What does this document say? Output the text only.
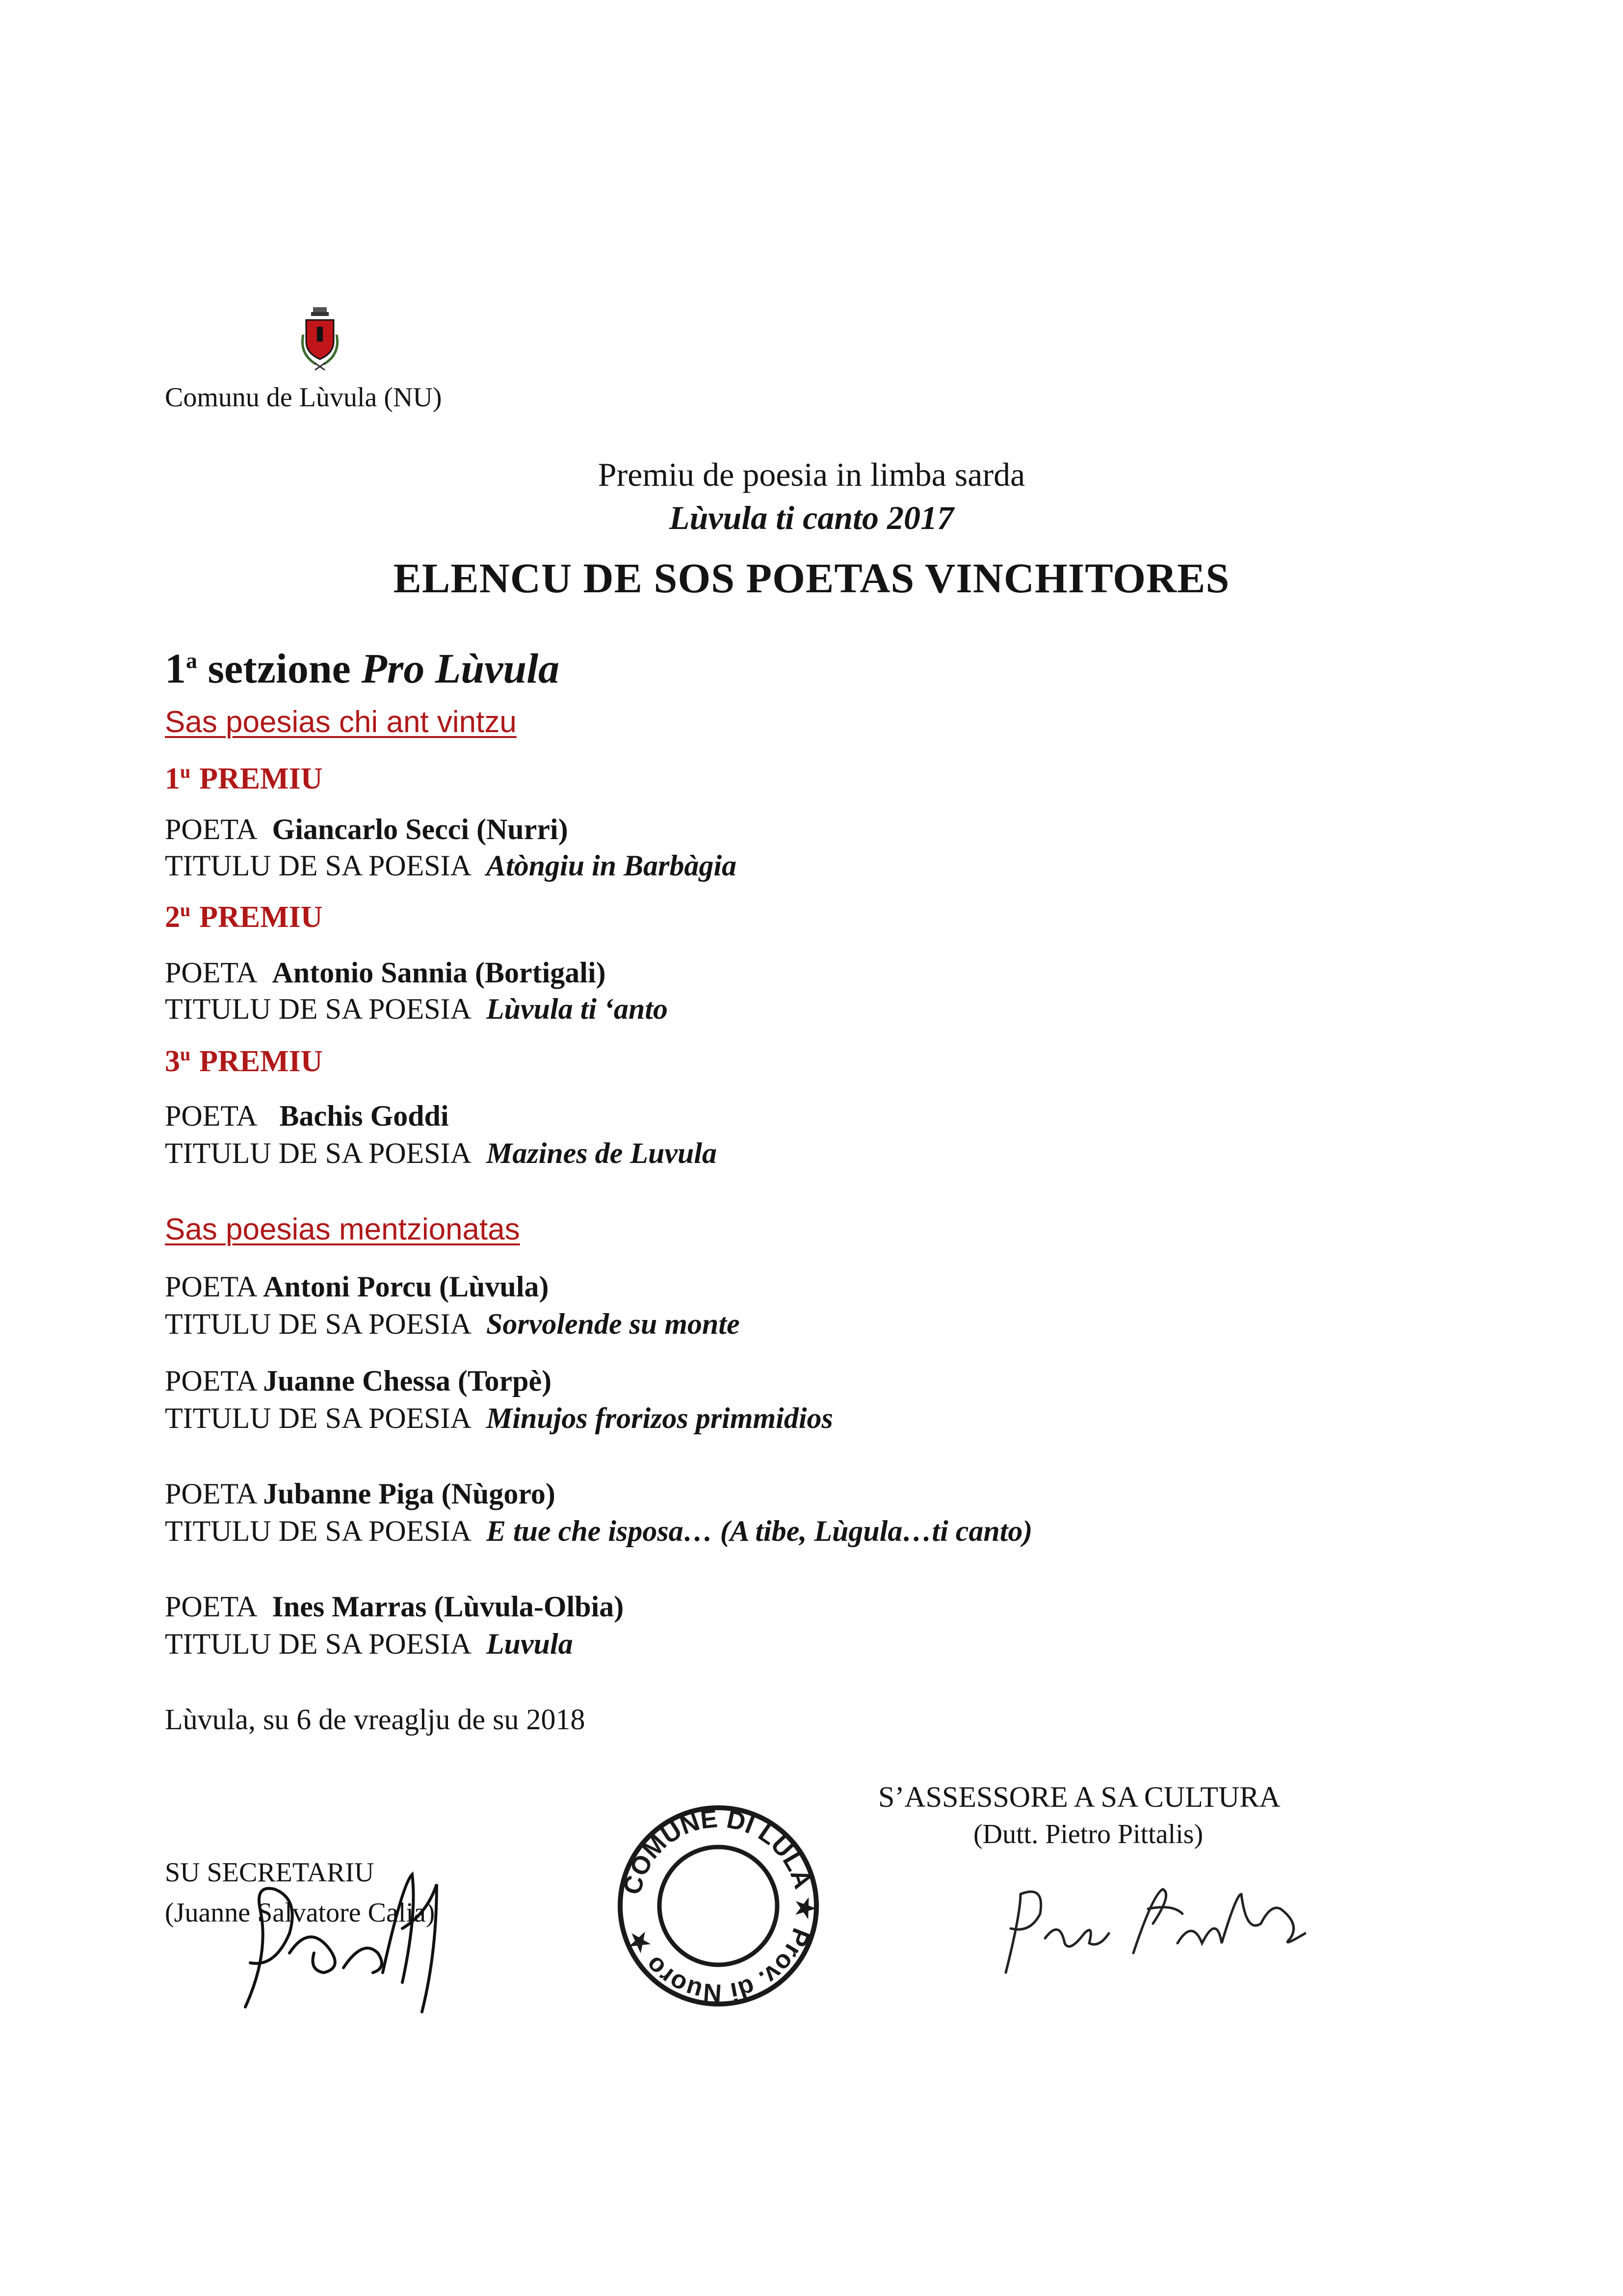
Comunu de Lùvula (NU)
Premiu de poesia in limba sarda
Lùvula ti canto 2017
ELENCU DE SOS POETAS VINCHITORES
1$^a$ setzione Pro Lùvula
Sas poesias chi ant vintzu
1$^u$ PREMIU
POETA Giancarlo Secci (Nurri)
TITULU DE SA POESIA Atòngiu in Barbàgia
2$^u$ PREMIU
POETA Antonio Sannia (Bortigali)
TITULU DE SA POESIA Lùvula ti ‘anto
3$^u$ PREMIU
POETA Bachis Goddi
TITULU DE SA POESIA Mazines de Luvula
Sas poesias mentzionatas
POETA Antoni Porcu (Lùvula)
TITULU DE SA POESIA Sorvolende su monte
POETA Juanne Chessa (Torpè)
TITULU DE SA POESIA Minujos frorizos primmidios
POETA Jubanne Piga (Nùgoro)
TITULU DE SA POESIA E tue che isposa… (A tibe, Lùgula…ti canto)
POETA Ines Marras (Lùvula-Olbia)
TITULU DE SA POESIA Luvula
Lùvula, su 6 de vreaglju de su 2018
S’ASSESSORE A SA CULTURA
(Dutt. Pietro Pittalis)
SU SECRETARIU
(Juanne Salvatore Calia)
COMUNE DI LULA ★ Prov. di Nuoro ★
